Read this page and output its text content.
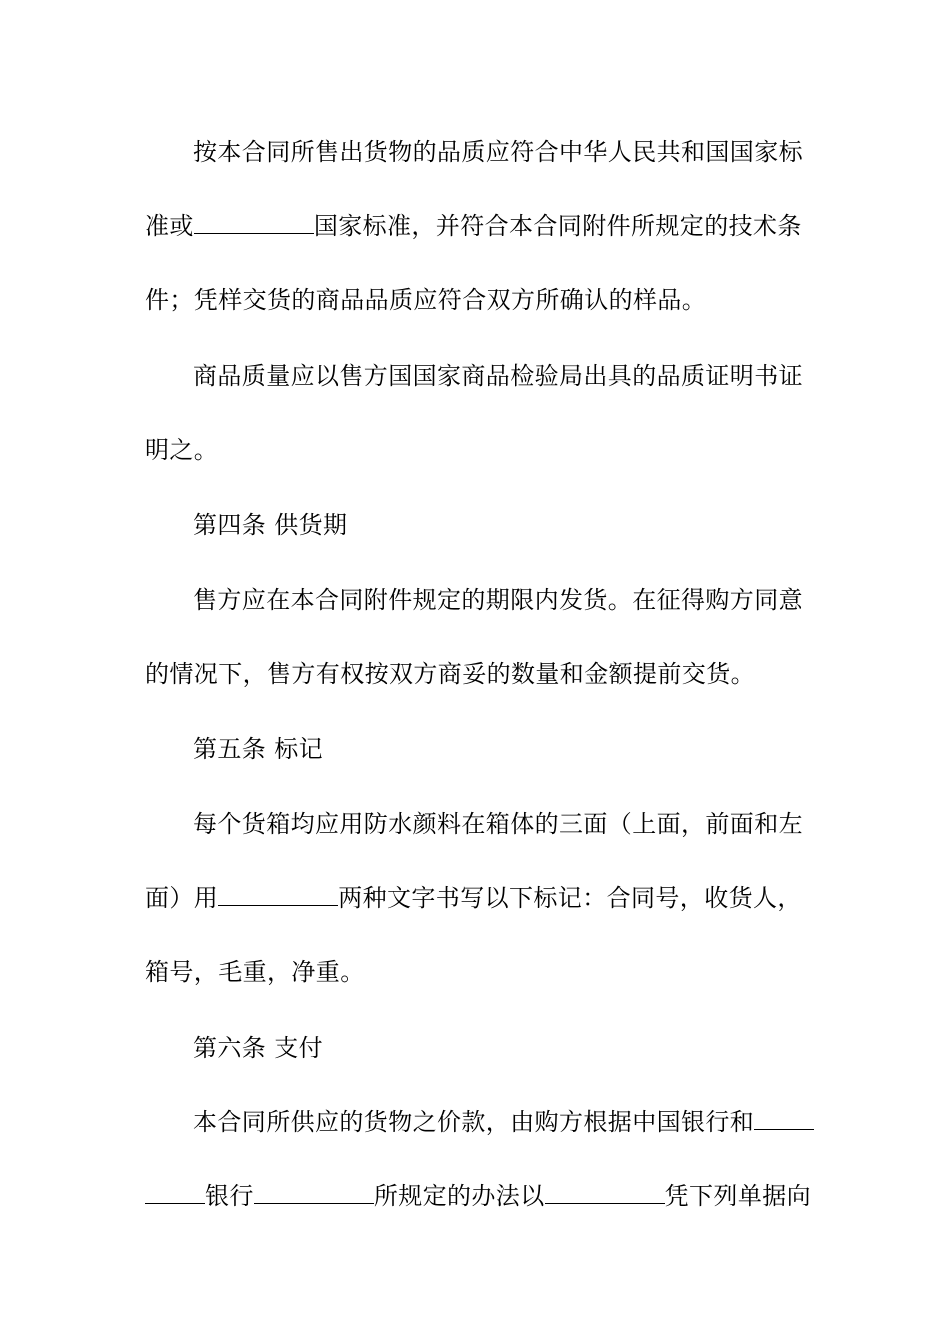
按本合同所售出货物的品质应符合中华人民共和国国家标
准或	国家标准，并符合本合同附件所规定的技术条
件；凭样交货的商品品质应符合双方所确认的样品。
商品质量应以售方国国家商品检验局出具的品质证明书证
明之。
第四条 供货期
售方应在本合同附件规定的期限内发货。在征得购方同意
的情况下，售方有权按双方商妥的数量和金额提前交货。
第五条 标记
每个货箱均应用防水颜料在箱体的三面（上面，前面和左
面）用	两种文字书写以下标记：合同号，收货人，
箱号，毛重，净重。
第六条 支付
本合同所供应的货物之价款，由购方根据中国银行和
银行	所规定的办法以	凭下列单据向
